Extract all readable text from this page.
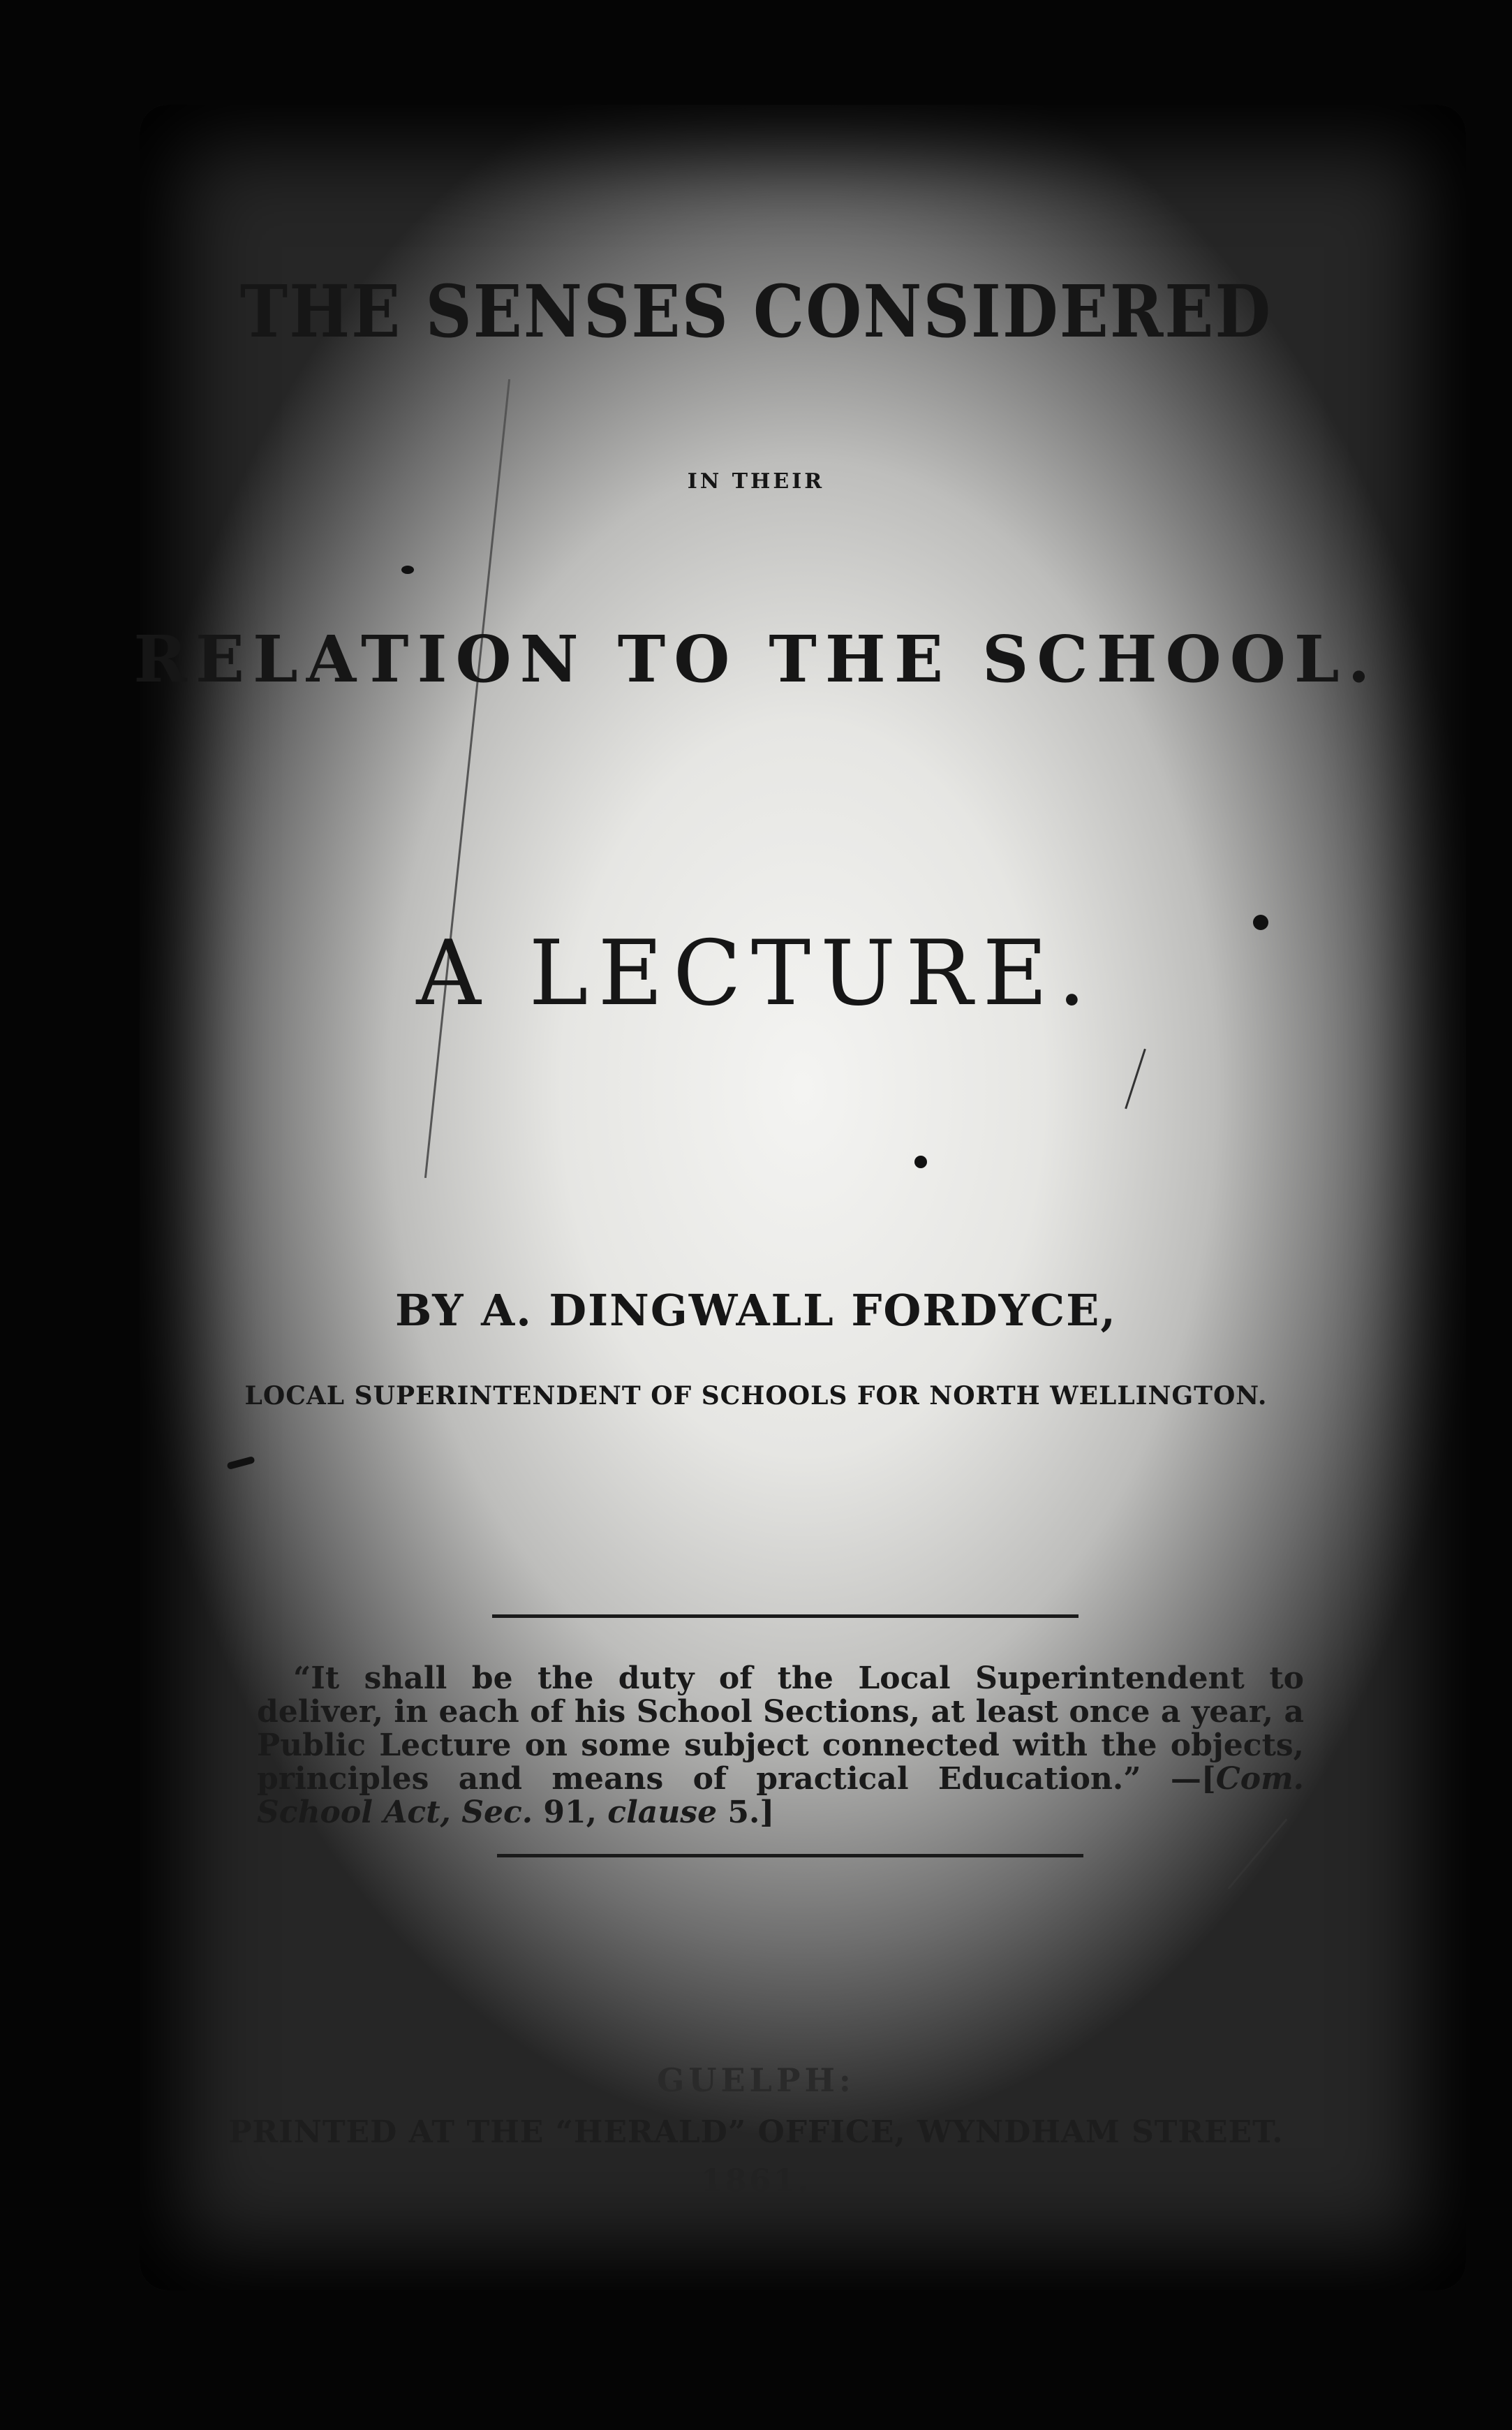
THE SENSES CONSIDERED
IN THEIR
RELATION TO THE SCHOOL.
A LECTURE.
BY A. DINGWALL FORDYCE,
LOCAL SUPERINTENDENT OF SCHOOLS FOR NORTH WELLINGTON.
“It shall be the duty of the Local Superintendent to deliver, in each of his School Sections, at least once a year, a Public Lecture on some subject connected with the objects, principles and means of practical Education.” —[Com. School Act, Sec. 91, clause 5.]
GUELPH:
PRINTED AT THE “HERALD” OFFICE, WYNDHAM STREET.
1861.
